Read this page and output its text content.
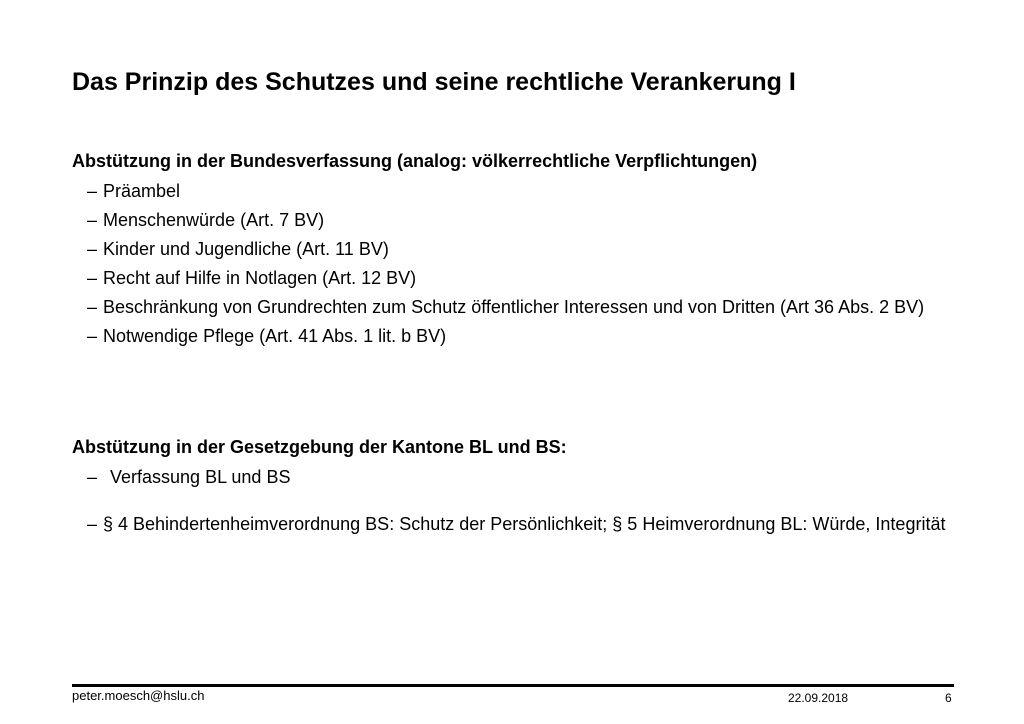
Das Prinzip des Schutzes und seine rechtliche Verankerung I

Abstützung in der Bundesverfassung (analog: völkerrechtliche Verpflichtungen)

– Präambel
– Menschenwürde (Art. 7 BV)
– Kinder und Jugendliche (Art. 11 BV)
– Recht auf Hilfe in Notlagen (Art. 12 BV)
– Beschränkung von Grundrechten zum Schutz öffentlicher Interessen und von Dritten (Art 36 Abs. 2 BV)
– Notwendige Pflege (Art. 41 Abs. 1 lit. b BV)

Abstützung in der Gesetzgebung der Kantone BL und BS:

– Verfassung BL und BS
– § 4 Behindertenheimverordnung BS: Schutz der Persönlichkeit; § 5 Heimverordnung BL: Würde, Integrität
peter.moesch@hslu.ch	22.09.2018	6
